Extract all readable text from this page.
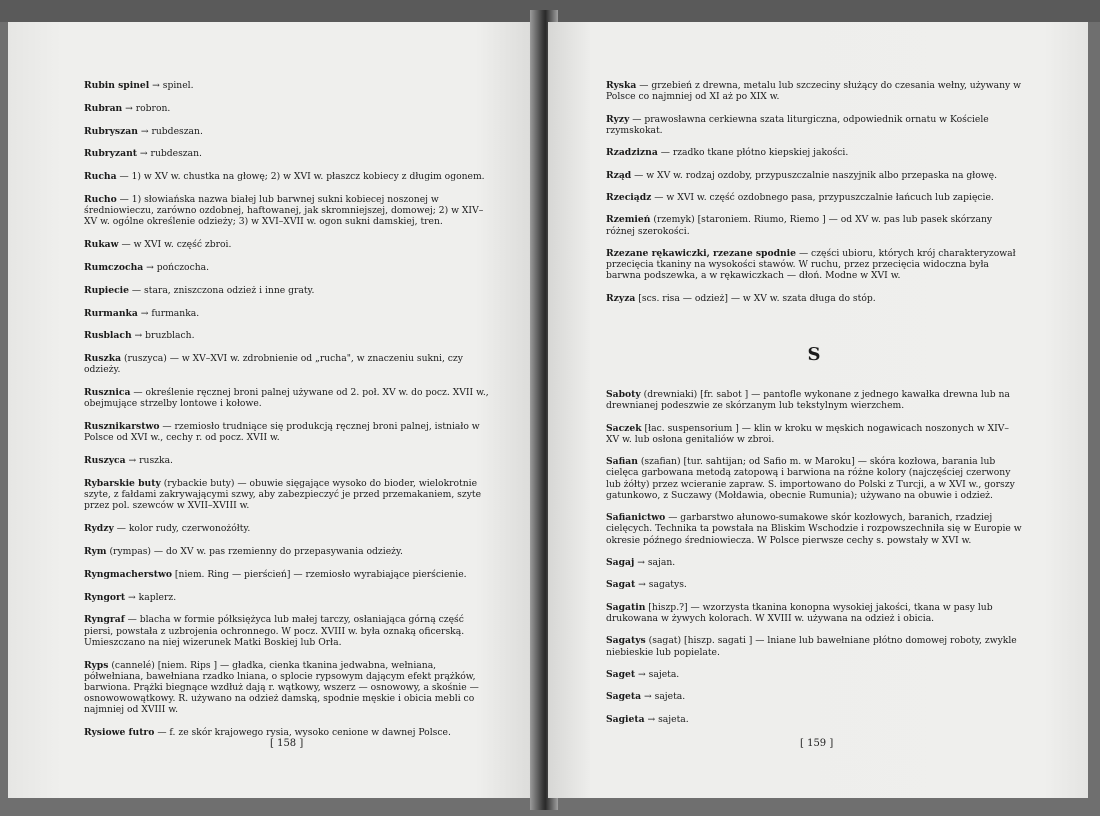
Rubin spinel → spinel.

Rubran → robron.

Rubryszan → rubdeszan.

Rubryzant → rubdeszan.

Rucha — 1) w XV w. chustka na głowę; 2) w XVI w. płaszcz kobiecy z długim ogonem.

Rucho — 1) słowiańska nazwa białej lub barwnej sukni kobiecej noszonej w średniowieczu, zarówno ozdobnej, haftowanej, jak skromniejszej, domowej; 2) w XIV–XV w. ogólne określenie odzieży; 3) w XVI–XVII w. ogon sukni damskiej, tren.

Rukaw — w XVI w. część zbroi.

Rumczocha → pończocha.

Rupiecie — stara, zniszczona odzież i inne graty.

Rurmanka → furmanka.

Rusblach → bruzblach.

Ruszka (ruszyca) — w XV–XVI w. zdrobnienie od „rucha", w znaczeniu sukni, czy odzieży.

Rusznica — określenie ręcznej broni palnej używane od 2. poł. XV w. do pocz. XVII w., obejmujące strzelby lontowe i kołowe.

Rusznikarstwo — rzemiosło trudniące się produkcją ręcznej broni palnej, istniało w Polsce od XVI w., cechy r. od pocz. XVII w.

Ruszyca → ruszka.

Rybarskie buty (rybackie buty) — obuwie sięgające wysoko do bioder, wielokrotnie szyte, z fałdami zakrywającymi szwy, aby zabezpieczyć je przed przemakaniem, szyte przez pol. szewców w XVII–XVIII w.

Rydzy — kolor rudy, czerwonożółty.

Rym (rympas) — do XV w. pas rzemienny do przepasywania odzieży.

Ryngmacherstwo [niem. Ring — pierścień] — rzemiosło wyrabiające pierścienie.

Ryngort → kaplerz.

Ryngraf — blacha w formie półksiężyca lub małej tarczy, osłaniająca górną część piersi, powstała z uzbrojenia ochronnego. W pocz. XVIII w. była oznaką oficerską. Umieszczano na niej wizerunek Matki Boskiej lub Orła.

Ryps (cannelé) [niem. Rips ] — gładka, cienka tkanina jedwabna, wełniana, półwełniana, bawełniana rzadko lniana, o splocie rypsowym dającym efekt prążków, barwiona. Prążki biegnące wzdłuż dają r. wątkowy, wszerz — osnowowy, a skośnie — osnowowowątkowy. R. używano na odzież damską, spodnie męskie i obicia mebli co najmniej od XVIII w.

Rysiowe futro — f. ze skór krajowego rysia, wysoko cenione w dawnej Polsce.

[ 158 ]

Ryska — grzebień z drewna, metalu lub szczeciny służący do czesania wełny, używany w Polsce co najmniej od XI aż po XIX w.

Ryzy — prawosławna cerkiewna szata liturgiczna, odpowiednik ornatu w Kościele rzymskokat.

Rzadzizna — rzadko tkane płótno kiepskiej jakości.

Rząd — w XV w. rodzaj ozdoby, przypuszczalnie naszyjnik albo przepaska na głowę.

Rzeciądz — w XVI w. część ozdobnego pasa, przypuszczalnie łańcuch lub zapięcie.

Rzemień (rzemyk) [staroniem. Riumo, Riemo ] — od XV w. pas lub pasek skórzany różnej szerokości.

Rzezane rękawiczki, rzezane spodnie — części ubioru, których krój charakteryzował przecięcia tkaniny na wysokości stawów. W ruchu, przez przecięcia widoczna była barwna podszewka, a w rękawiczkach — dłoń. Modne w XVI w.

Rzyza [scs. risa — odzież] — w XV w. szata długa do stóp.

S

Saboty (drewniaki) [fr. sabot ] — pantofle wykonane z jednego kawałka drewna lub na drewnianej podeszwie ze skórzanym lub tekstylnym wierzchem.

Saczek [łac. suspensorium ] — klin w kroku w męskich nogawicach noszonych w XIV–XV w. lub osłona genitaliów w zbroi.

Safian (szafian) [tur. sahtijan; od Safio m. w Maroku] — skóra kozłowa, barania lub cielęca garbowana metodą zatopową i barwiona na różne kolory (najczęściej czerwony lub żółty) przez wcieranie zapraw. S. importowano do Polski z Turcji, a w XVI w., gorszy gatunkowo, z Suczawy (Mołdawia, obecnie Rumunia); używano na obuwie i odzież.

Safianictwo — garbarstwo ałunowo-sumakowe skór kozłowych, baranich, rzadziej cielęcych. Technika ta powstała na Bliskim Wschodzie i rozpowszechniła się w Europie w okresie późnego średniowiecza. W Polsce pierwsze cechy s. powstały w XVI w.

Sagaj → sajan.

Sagat → sagatys.

Sagatin [hiszp.?] — wzorzysta tkanina konopna wysokiej jakości, tkana w pasy lub drukowana w żywych kolorach. W XVIII w. używana na odzież i obicia.

Sagatys (sagat) [hiszp. sagati ] — lniane lub bawełniane płótno domowej roboty, zwykle niebieskie lub popielate.

Saget → sajeta.

Sageta → sajeta.

Sagieta → sajeta.

[ 159 ]
